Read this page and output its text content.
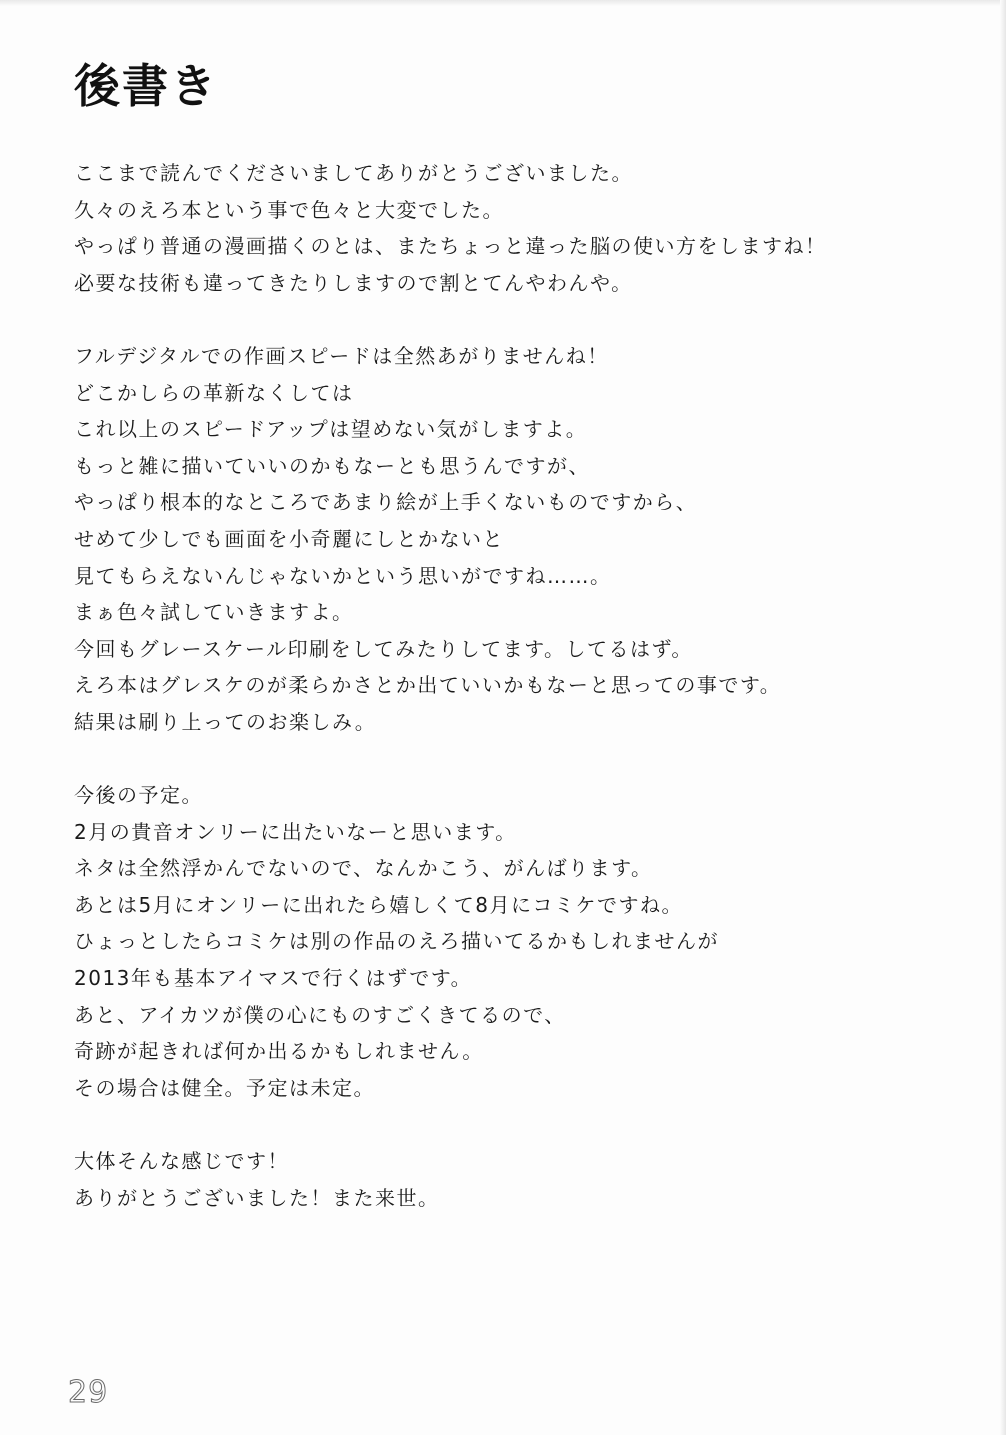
後書き
ここまで読んでくださいましてありがとうございました。
久々のえろ本という事で色々と大変でした。
やっぱり普通の漫画描くのとは、またちょっと違った脳の使い方をしますね！
必要な技術も違ってきたりしますので割とてんやわんや。
フルデジタルでの作画スピードは全然あがりませんね！
どこかしらの革新なくしては
これ以上のスピードアップは望めない気がしますよ。
もっと雑に描いていいのかもなーとも思うんですが、
やっぱり根本的なところであまり絵が上手くないものですから、
せめて少しでも画面を小奇麗にしとかないと
見てもらえないんじゃないかという思いがですね……。
まぁ色々試していきますよ。
今回もグレースケール印刷をしてみたりしてます。してるはず。
えろ本はグレスケのが柔らかさとか出ていいかもなーと思っての事です。
結果は刷り上ってのお楽しみ。
今後の予定。
2月の貴音オンリーに出たいなーと思います。
ネタは全然浮かんでないので、なんかこう、がんばります。
あとは5月にオンリーに出れたら嬉しくて8月にコミケですね。
ひょっとしたらコミケは別の作品のえろ描いてるかもしれませんが
2013年も基本アイマスで行くはずです。
あと、アイカツが僕の心にものすごくきてるので、
奇跡が起きれば何か出るかもしれません。
その場合は健全。予定は未定。
大体そんな感じです！
ありがとうございました！また来世。
29
